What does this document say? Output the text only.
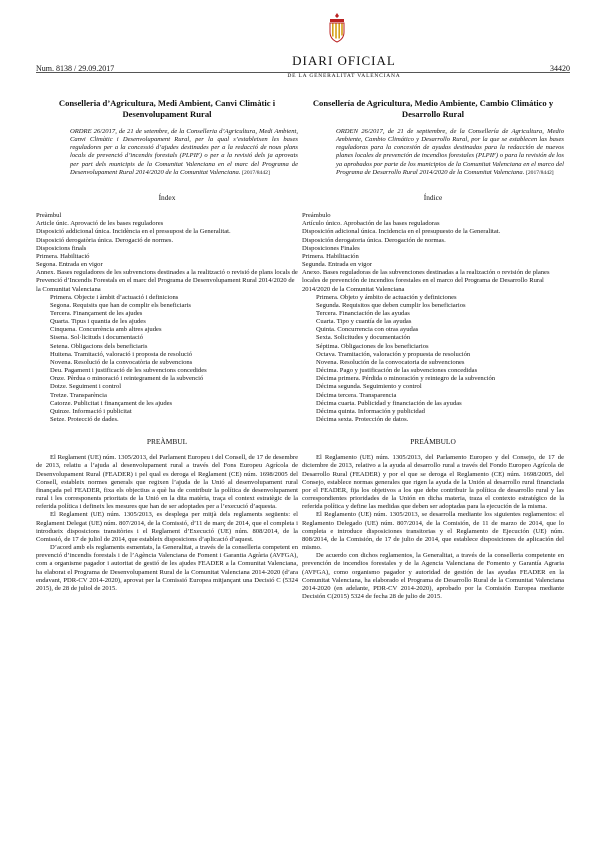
DIARI OFICIAL
Num. 8138 / 29.09.2017	34420
DE LA GENERALITAT VALENCIANA
Conselleria d’Agricultura, Medi Ambient, Canvi Climàtic i Desenvolupament Rural

ORDRE 26/2017, de 21 de setembre, de la Conselleria d’Agricultura, Medi Ambient, Canvi Climàtic i Desenvolupament Rural, per la qual s’estableixen les bases reguladores per a la concessió d’ajudes destinades per a la redacció de nous plans locals de prevenció d’incendis forestals (PLPIF) o per a la revisió dels ja aprovats per part dels municipis de la Comunitat Valenciana en el marc del Programa de Desenvolupament Rural 2014/2020 de la Comunitat Valenciana. [2017/8442]

Índex
Preàmbul
Article únic. Aprovació de les bases reguladores
Disposició addicional única. Incidència en el pressupost de la Generalitat.
Disposició derogatòria única. Derogació de normes.
Disposicions finals
Primera. Habilitació
Segona. Entrada en vigor
Annex. Bases reguladores de les subvencions destinades a la realització o revisió de plans locals de Prevenció d’Incendis Forestals en el marc del Programa de Desenvolupament Rural 2014/2020 de la Comunitat Valenciana
Primera. Objecte i àmbit d’actuació i definicions
Segona. Requisits que han de complir els beneficiaris
Tercera. Finançament de les ajudes
Quarta. Tipus i quantia de les ajudes
Cinquena. Concurrència amb altres ajudes
Sisena. Sol·licituds i documentació
Setena. Obligacions dels beneficiaris
Huitena. Tramitació, valoració i proposta de resolució
Novena. Resolució de la convocatòria de subvencions
Deu. Pagament i justificació de les subvencions concedides
Onze. Pèrdua o minoració i reintegrament de la subvenció
Dotze. Seguiment i control
Tretze. Transparència
Catorze. Publicitat i finançament de les ajudes
Quinze. Informació i publicitat
Setze. Protecció de dades.
PREÀMBUL

El Reglament (UE) núm. 1305/2013, del Parlament Europeu i del Consell, de 17 de desembre de 2013, relatiu a l’ajuda al desenvolupament rural a través del Fons Europeu Agrícola de Desenvolupament Rural (FEADER) i pel qual es deroga el Reglament (CE) núm. 1698/2005 del Consell, estableix normes generals que regixen l’ajuda de la Unió al desenvolupament rural finançada pel FEADER, fixa els objectius a què ha de contribuir la política de desenvolupament rural i les corresponents prioritats de la Unió en la dita matèria, traça el context estratègic de la referida política i defineix les mesures que han de ser adoptades per a l’execució d’aquesta.

El Reglament (UE) núm. 1305/2013, es desplega per mitjà dels reglaments següents: el Reglament Delegat (UE) núm. 807/2014, de la Comissió, d’11 de març de 2014, que el completa i introdueix disposicions transitòries i el Reglament d’Execució (UE) núm. 808/2014, de la Comissió, de 17 de juliol de 2014, que estableix disposicions d’aplicació d’aquest.

D’acord amb els reglaments esmentats, la Generalitat, a través de la conselleria competent en prevenció d’incendis forestals i de l’Agència Valenciana de Foment i Garantia Agrària (AVFGA), com a organisme pagador i autoritat de gestió de les ajudes FEADER a la Comunitat Valenciana, ha elaborat el Programa de Desenvolupament Rural de la Comunitat Valenciana 2014-2020 (d’ara endavant, PDR-CV 2014-2020), aprovat per la Comissió Europea mitjançant una Decisió C (5324 2015), de 28 de juliol de 2015.

Consellería de Agricultura, Medio Ambiente, Cambio Climático y Desarrollo Rural

ORDEN 26/2017, de 21 de septiembre, de la Consellería de Agricultura, Medio Ambiente, Cambio Climático y Desarrollo Rural, por la que se establecen las bases reguladoras para la concesión de ayudas destinadas para la redacción de nuevos planes locales de prevención de incendios forestales (PLPIF) o para la revisión de los ya aprobados por parte de los municipios de la Comunitat Valenciana en el marco del Programa de Desarrollo Rural 2014/2020 de la Comunitat Valenciana. [2017/8442]

Índice
Preámbulo
Artículo único. Aprobación de las bases reguladoras
Disposición adicional única. Incidencia en el presupuesto de la Generalitat.
Disposición derogatoria única. Derogación de normas.
Disposiciones Finales
Primera. Habilitación
Segunda. Entrada en vigor
Anexo. Bases reguladoras de las subvenciones destinadas a la realización o revisión de planes locales de prevención de incendios forestales en el marco del Programa de Desarrollo Rural 2014/2020 de la Comunitat Valenciana
Primera. Objeto y ámbito de actuación y definiciones
Segunda. Requisitos que deben cumplir los beneficiarios
Tercera. Financiación de las ayudas
Cuarta. Tipo y cuantía de las ayudas
Quinta. Concurrencia con otras ayudas
Sexta. Solicitudes y documentación
Séptima. Obligaciones de los beneficiarios
Octava. Tramitación, valoración y propuesta de resolución
Novena. Resolución de la convocatoria de subvenciones
Décima. Pago y justificación de las subvenciones concedidas
Décima primera. Pérdida o minoración y reintegro de la subvención
Décima segunda. Seguimiento y control
Décima tercera. Transparencia
Décima cuarta. Publicidad y financiación de las ayudas
Décima quinta. Información y publicidad
Décima sexta. Protección de datos.
PREÁMBULO

El Reglamento (UE) núm. 1305/2013, del Parlamento Europeo y del Consejo, de 17 de diciembre de 2013, relativo a la ayuda al desarrollo rural a través del Fondo Europeo Agrícola de Desarrollo Rural (FEADER) y por el que se deroga el Reglamento (CE) núm. 1698/2005, del Consejo, establece normas generales que rigen la ayuda de la Unión al desarrollo rural financiada por el FEADER, fija los objetivos a los que debe contribuir la política de desarrollo rural y las correspondientes prioridades de la Unión en dicha materia, traza el contexto estratégico de la referida política y define las medidas que deben ser adoptadas para la ejecución de la misma.

El Reglamento (UE) núm. 1305/2013, se desarrolla mediante los siguientes reglamentos: el Reglamento Delegado (UE) núm. 807/2014, de la Comisión, de 11 de marzo de 2014, que lo completa e introduce disposiciones transitorias y el Reglamento de Ejecución (UE) núm. 808/2014, de la Comisión, de 17 de julio de 2014, que establece disposiciones de aplicación del mismo.

De acuerdo con dichos reglamentos, la Generalitat, a través de la conselleria competente en prevención de incendios forestales y de la Agencia Valenciana de Fomento y Garantía Agraria (AVFGA), como organismo pagador y autoridad de gestión de las ayudas FEADER en la Comunitat Valenciana, ha elaborado el Programa de Desarrollo Rural de la Comunitat Valenciana 2014-2020 (en adelante, PDR-CV 2014-2020), aprobado por la Comisión Europea mediante Decisión C(2015) 5324 de fecha 28 de julio de 2015.
